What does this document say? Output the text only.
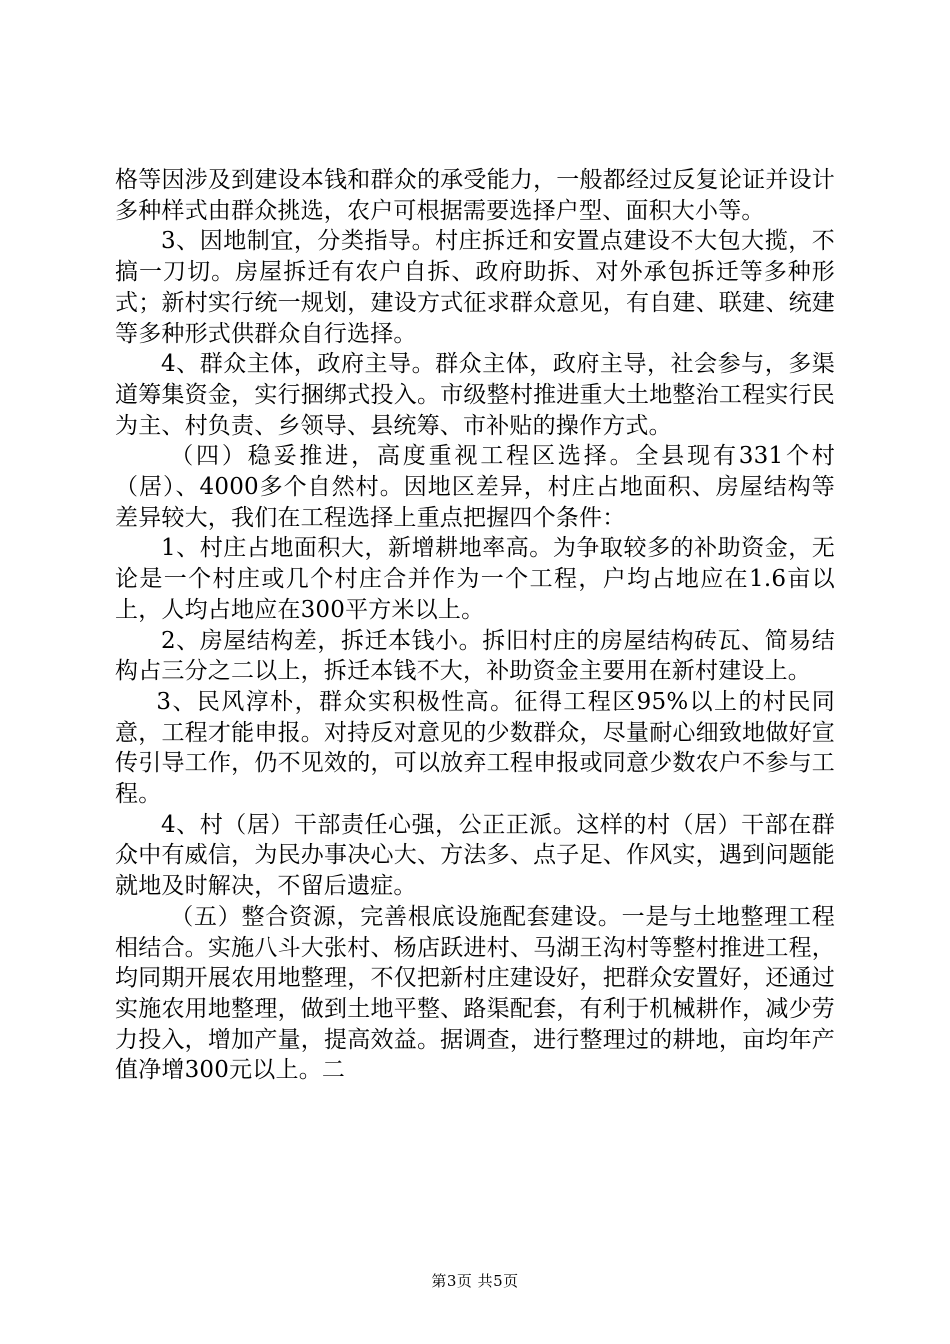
格等因涉及到建设本钱和群众的承受能力，一般都经过反复论证并设计多种样式由群众挑选，农户可根据需要选择户型、面积大小等。

3、因地制宜，分类指导。村庄拆迁和安置点建设不大包大揽，不搞一刀切。房屋拆迁有农户自拆、政府助拆、对外承包拆迁等多种形式；新村实行统一规划，建设方式征求群众意见，有自建、联建、统建等多种形式供群众自行选择。

4、群众主体，政府主导。群众主体，政府主导，社会参与，多渠道筹集资金，实行捆绑式投入。市级整村推进重大土地整治工程实行民为主、村负责、乡领导、县统筹、市补贴的操作方式。

（四）稳妥推进，高度重视工程区选择。全县现有331个村（居）、4000多个自然村。因地区差异，村庄占地面积、房屋结构等差异较大，我们在工程选择上重点把握四个条件：

1、村庄占地面积大，新增耕地率高。为争取较多的补助资金，无论是一个村庄或几个村庄合并作为一个工程，户均占地应在1.6亩以上，人均占地应在300平方米以上。

2、房屋结构差，拆迁本钱小。拆旧村庄的房屋结构砖瓦、简易结构占三分之二以上，拆迁本钱不大，补助资金主要用在新村建设上。

3、民风淳朴，群众实积极性高。征得工程区95%以上的村民同意，工程才能申报。对持反对意见的少数群众，尽量耐心细致地做好宣传引导工作，仍不见效的，可以放弃工程申报或同意少数农户不参与工程。

4、村（居）干部责任心强，公正正派。这样的村（居）干部在群众中有威信，为民办事决心大、方法多、点子足、作风实，遇到问题能就地及时解决，不留后遗症。

（五）整合资源，完善根底设施配套建设。一是与土地整理工程相结合。实施八斗大张村、杨店跃进村、马湖王沟村等整村推进工程，均同期开展农用地整理，不仅把新村庄建设好，把群众安置好，还通过实施农用地整理，做到土地平整、路渠配套，有利于机械耕作，减少劳力投入，增加产量，提高效益。据调查，进行整理过的耕地，亩均年产值净增300元以上。二

第3页 共5页
